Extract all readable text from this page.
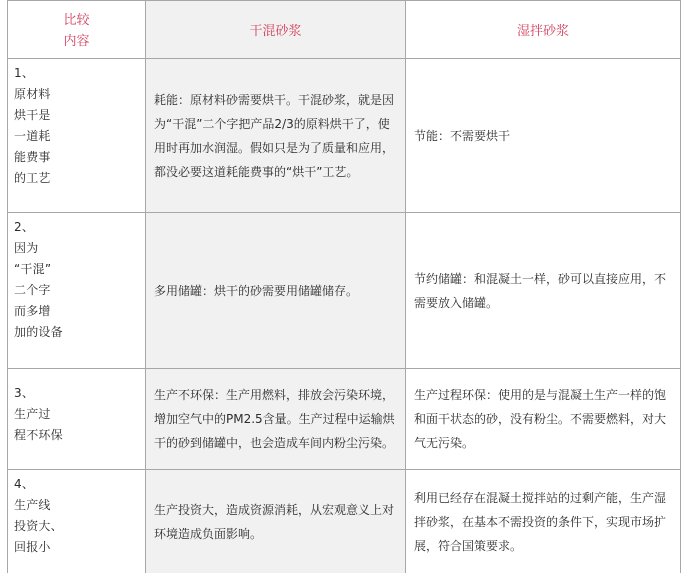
比较
内容
干混砂浆	湿拌砂浆
1、
原材料
烘干是
一道耗
能费事
的工艺
耗能：原材料砂需要烘干。干混砂浆，就是因为“干混”二个字把产品2/3的原料烘干了，使用时再加水润湿。假如只是为了质量和应用，都没必要这道耗能费事的“烘干”工艺。
节能：不需要烘干
2、
因为
“干混”
二个字
而多增
加的设备
多用储罐：烘干的砂需要用储罐储存。
节约储罐：和混凝土一样，砂可以直接应用，不需要放入储罐。
3、
生产过
程不环保
生产不环保：生产用燃料，排放会污染环境，增加空气中的PM2.5含量。生产过程中运输烘干的砂到储罐中，也会造成车间内粉尘污染。
生产过程环保：使用的是与混凝土生产一样的饱和面干状态的砂，没有粉尘。不需要燃料，对大气无污染。
4、
生产线
投资大、
回报小
生产投资大，造成资源消耗，从宏观意义上对环境造成负面影响。
利用已经存在混凝土搅拌站的过剩产能，生产湿拌砂浆，在基本不需投资的条件下，实现市场扩展，符合国策要求。
